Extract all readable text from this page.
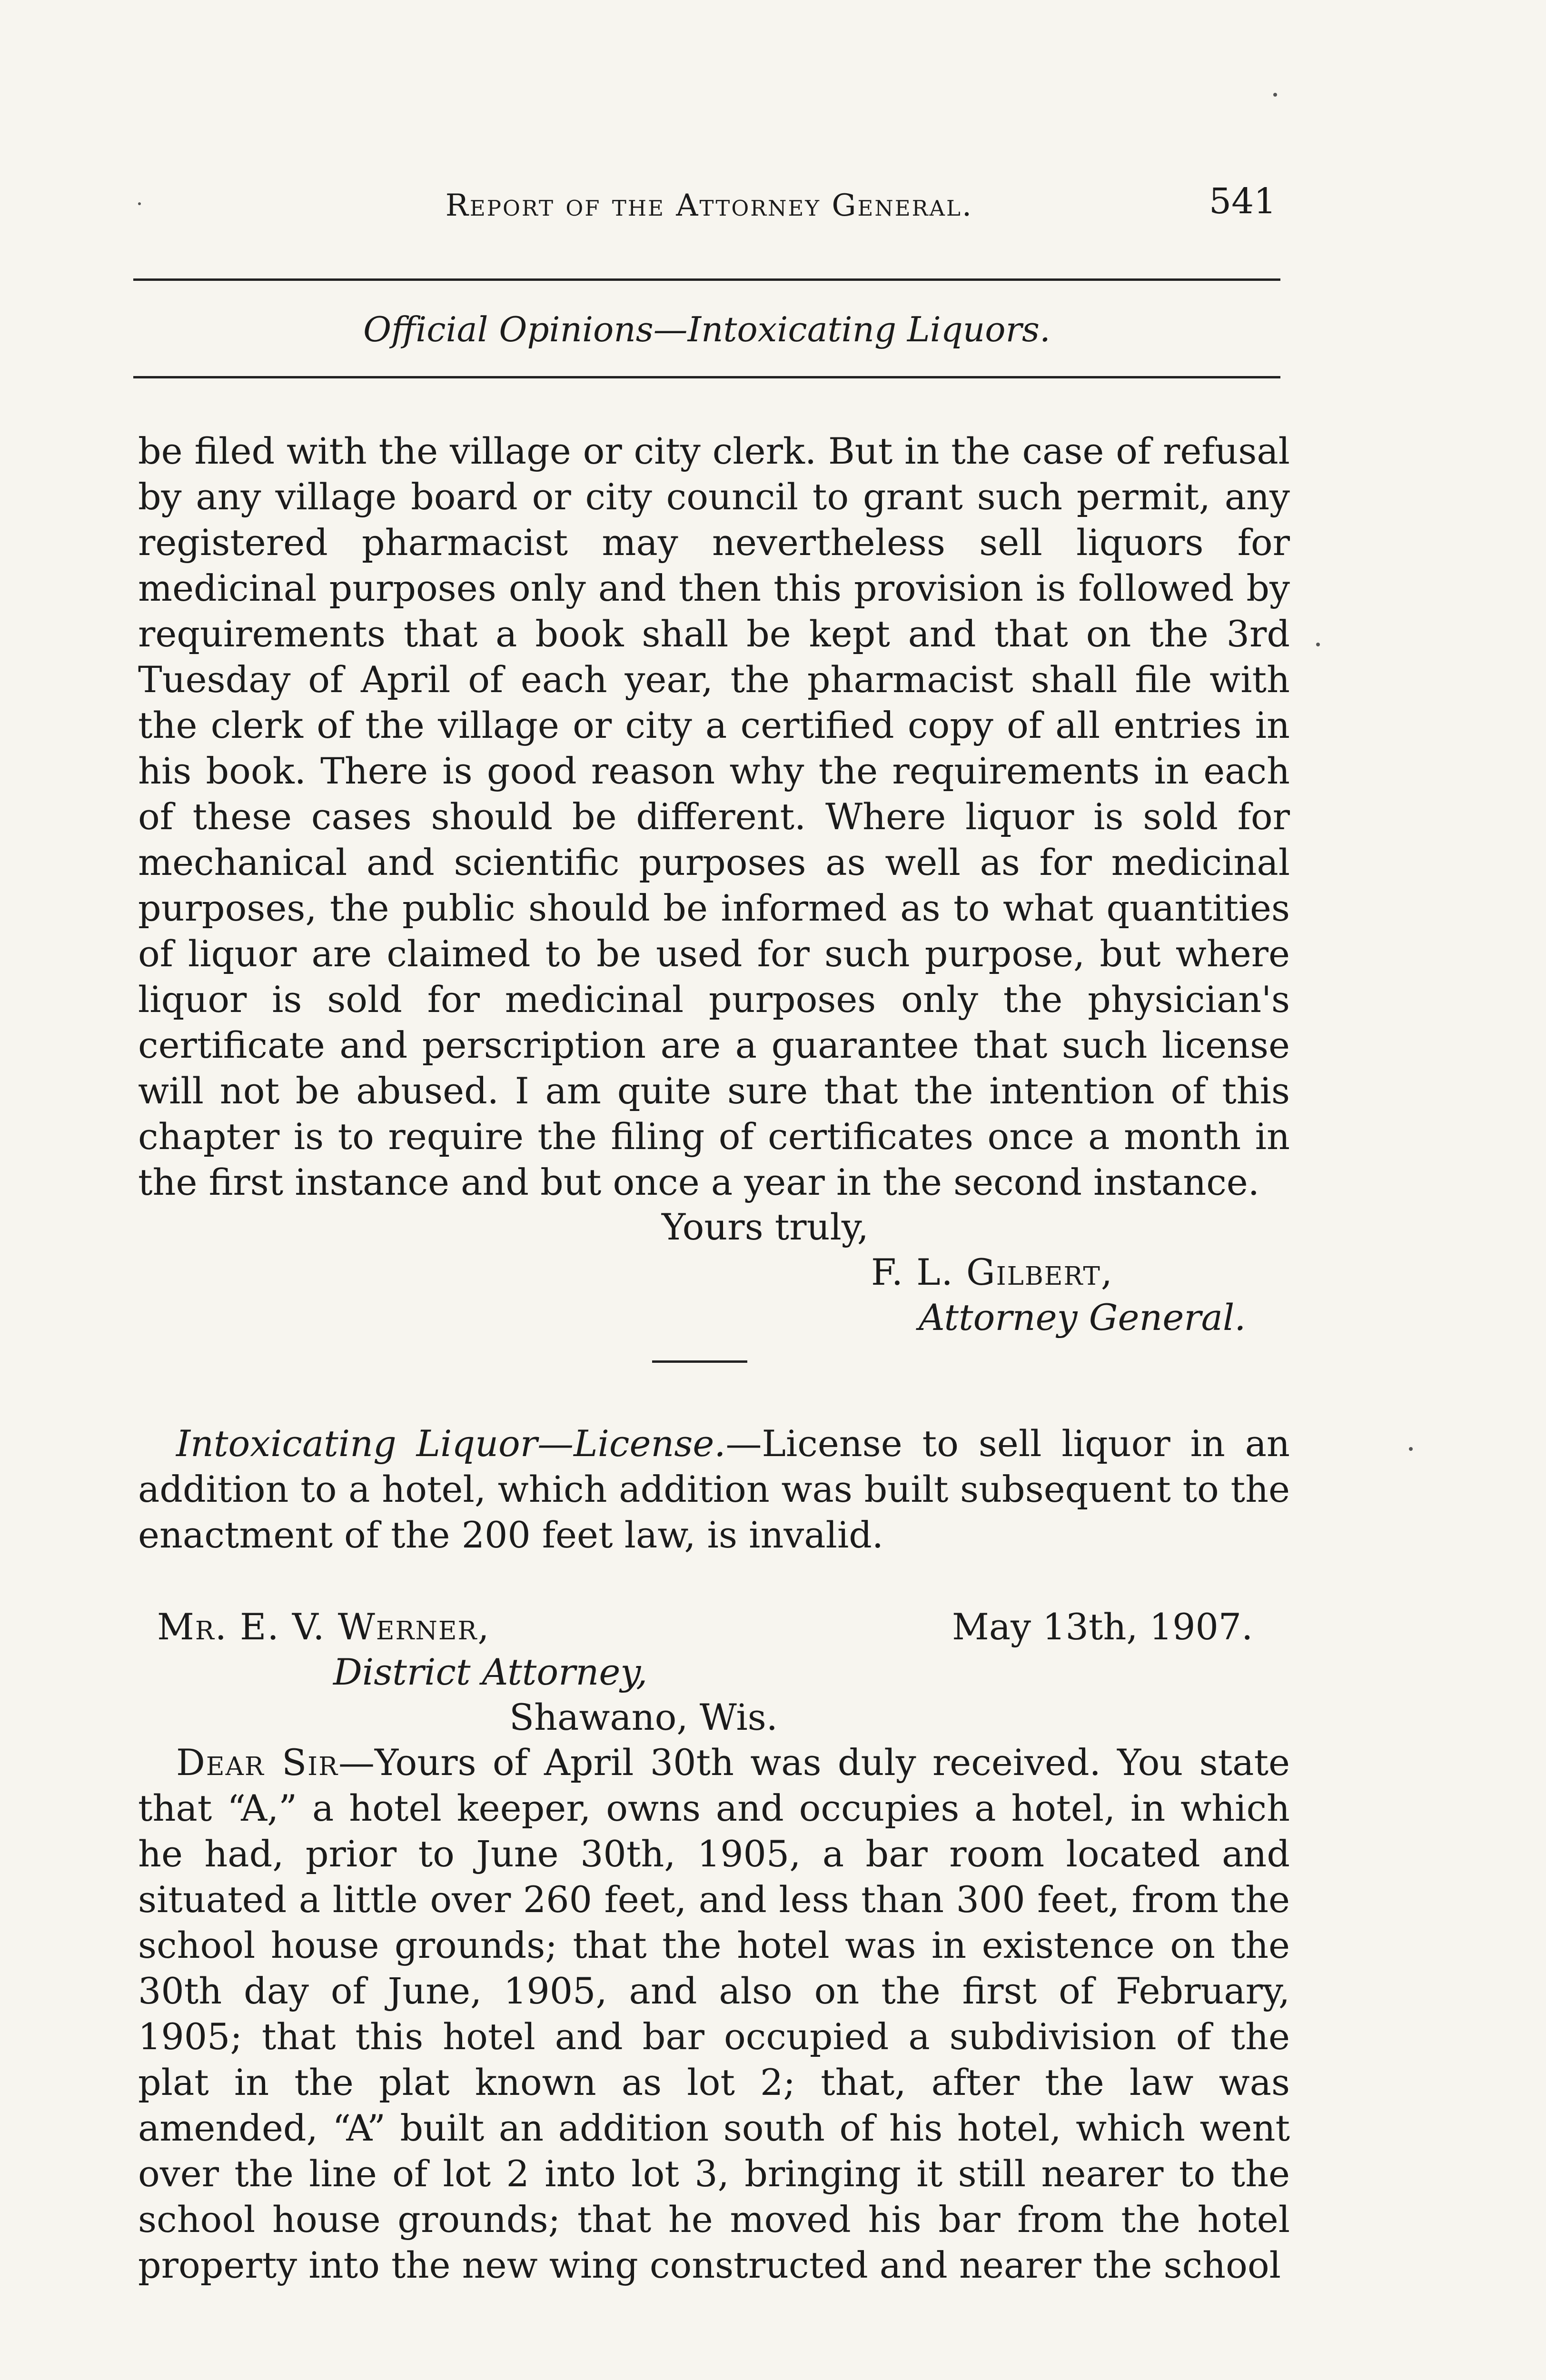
Report of the Attorney General.	541
Official Opinions—Intoxicating Liquors.

be filed with the village or city clerk. But in the case of refusal by any village board or city council to grant such permit, any registered pharmacist may nevertheless sell liquors for medicinal purposes only and then this provision is followed by requirements that a book shall be kept and that on the 3rd Tuesday of April of each year, the pharmacist shall file with the clerk of the village or city a certified copy of all entries in his book. There is good reason why the requirements in each of these cases should be different. Where liquor is sold for mechanical and scientific purposes as well as for medicinal purposes, the public should be informed as to what quantities of liquor are claimed to be used for such purpose, but where liquor is sold for medicinal purposes only the physician's certificate and perscription are a guarantee that such license will not be abused. I am quite sure that the intention of this chapter is to require the filing of certificates once a month in the first instance and but once a year in the second instance.

Yours truly,
F. L. Gilbert,
Attorney General.

Intoxicating Liquor—License.—License to sell liquor in an addition to a hotel, which addition was built subsequent to the enactment of the 200 feet law, is invalid.

Mr. E. V. Werner,	May 13th, 1907.
District Attorney,
Shawano, Wis.

Dear Sir—Yours of April 30th was duly received. You state that “A,” a hotel keeper, owns and occupies a hotel, in which he had, prior to June 30th, 1905, a bar room located and situated a little over 260 feet, and less than 300 feet, from the school house grounds; that the hotel was in existence on the 30th day of June, 1905, and also on the first of February, 1905; that this hotel and bar occupied a subdivision of the plat in the plat known as lot 2; that, after the law was amended, “A” built an addition south of his hotel, which went over the line of lot 2 into lot 3, bringing it still nearer to the school house grounds; that he moved his bar from the hotel property into the new wing constructed and nearer the school
